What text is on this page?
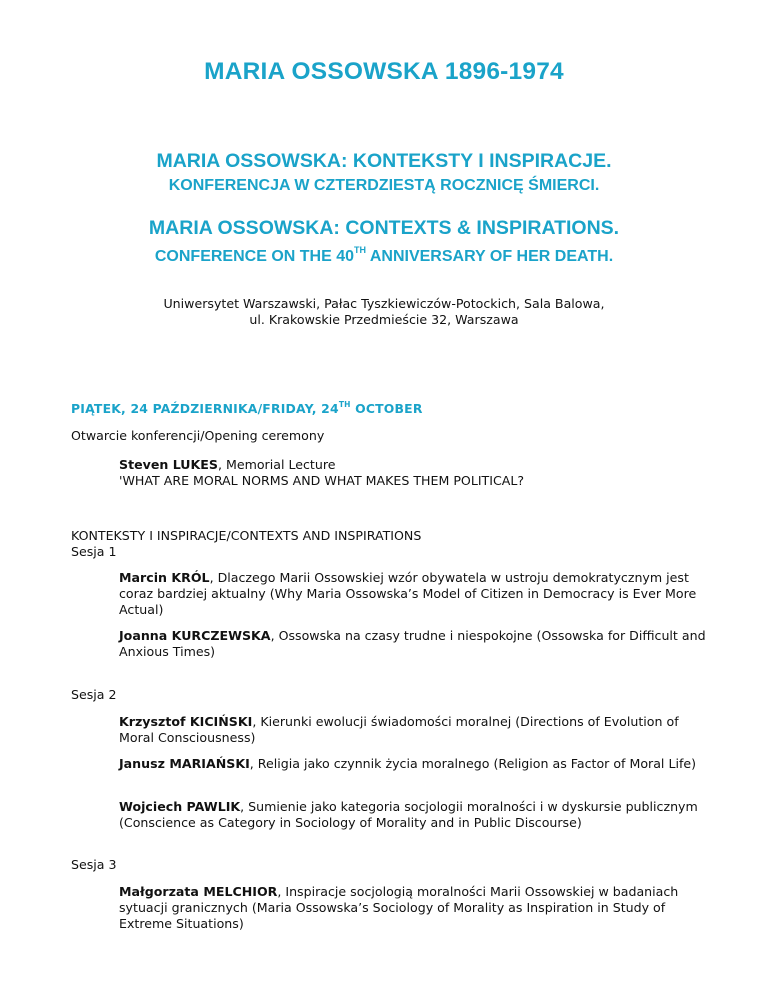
MARIA OSSOWSKA 1896-1974
MARIA OSSOWSKA: KONTEKSTY I INSPIRACJE.
KONFERENCJA W CZTERDZIESTĄ ROCZNICĘ ŚMIERCI.
MARIA OSSOWSKA: CONTEXTS & INSPIRATIONS.
CONFERENCE ON THE 40TH ANNIVERSARY OF HER DEATH.
Uniwersytet Warszawski, Pałac Tyszkiewiczów-Potockich, Sala Balowa,
ul. Krakowskie Przedmieście 32, Warszawa
PIĄTEK, 24 PAŹDZIERNIKA/FRIDAY, 24TH OCTOBER
Otwarcie konferencji/Opening ceremony
Steven LUKES, Memorial Lecture
'WHAT ARE MORAL NORMS AND WHAT MAKES THEM POLITICAL?
KONTEKSTY I INSPIRACJE/CONTEXTS AND INSPIRATIONS
Sesja 1
Marcin KRÓL, Dlaczego Marii Ossowskiej wzór obywatela w ustroju demokratycznym jest coraz bardziej aktualny (Why Maria Ossowska’s Model of Citizen in Democracy is Ever More Actual)
Joanna KURCZEWSKA, Ossowska na czasy trudne i niespokojne (Ossowska for Difficult and Anxious Times)
Sesja 2
Krzysztof KICIŃSKI, Kierunki ewolucji świadomości moralnej (Directions of Evolution of Moral Consciousness)
Janusz MARIAŃSKI, Religia jako czynnik życia moralnego (Religion as Factor of Moral Life)
Wojciech PAWLIK, Sumienie jako kategoria socjologii moralności i w dyskursie publicznym (Conscience as Category in Sociology of Morality and in Public Discourse)
Sesja 3
Małgorzata MELCHIOR, Inspiracje socjologią moralności Marii Ossowskiej w badaniach sytuacji granicznych (Maria Ossowska’s Sociology of Morality as Inspiration in Study of Extreme Situations)
